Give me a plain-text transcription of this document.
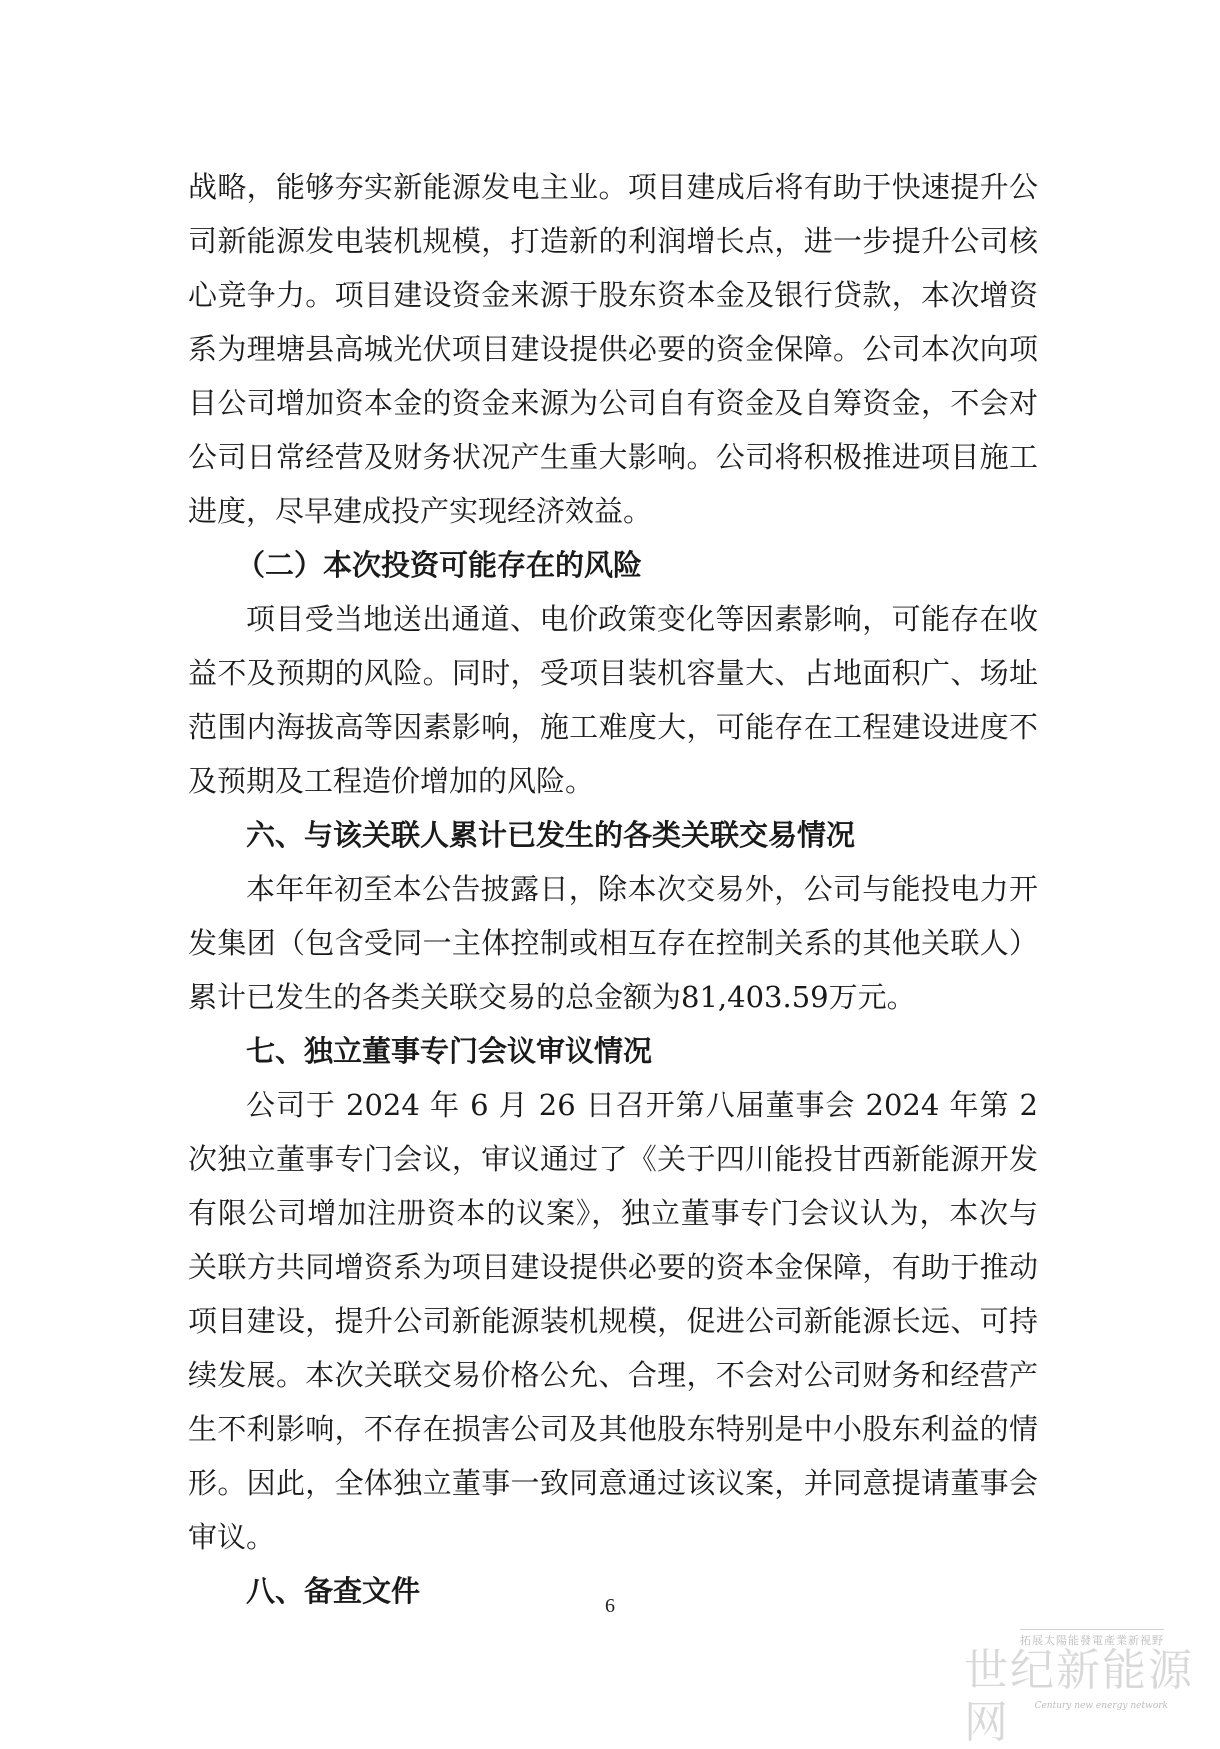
战略，能够夯实新能源发电主业。项目建成后将有助于快速提升公司新能源发电装机规模，打造新的利润增长点，进一步提升公司核心竞争力。项目建设资金来源于股东资本金及银行贷款，本次增资系为理塘县高城光伏项目建设提供必要的资金保障。公司本次向项目公司增加资本金的资金来源为公司自有资金及自筹资金，不会对公司日常经营及财务状况产生重大影响。公司将积极推进项目施工进度，尽早建成投产实现经济效益。

（二）本次投资可能存在的风险

项目受当地送出通道、电价政策变化等因素影响，可能存在收益不及预期的风险。同时，受项目装机容量大、占地面积广、场址范围内海拔高等因素影响，施工难度大，可能存在工程建设进度不及预期及工程造价增加的风险。

六、与该关联人累计已发生的各类关联交易情况

本年年初至本公告披露日，除本次交易外，公司与能投电力开发集团（包含受同一主体控制或相互存在控制关系的其他关联人）累计已发生的各类关联交易的总金额为81,403.59万元。

七、独立董事专门会议审议情况

公司于 2024 年 6 月 26 日召开第八届董事会 2024 年第 2 次独立董事专门会议，审议通过了《关于四川能投甘西新能源开发有限公司增加注册资本的议案》，独立董事专门会议认为，本次与关联方共同增资系为项目建设提供必要的资本金保障，有助于推动项目建设，提升公司新能源装机规模，促进公司新能源长远、可持续发展。本次关联交易价格公允、合理，不会对公司财务和经营产生不利影响，不存在损害公司及其他股东特别是中小股东利益的情形。因此，全体独立董事一致同意通过该议案，并同意提请董事会审议。

八、备查文件	6
拓展太陽能發電產業新視野
世纪新能源网	Century new energy network
